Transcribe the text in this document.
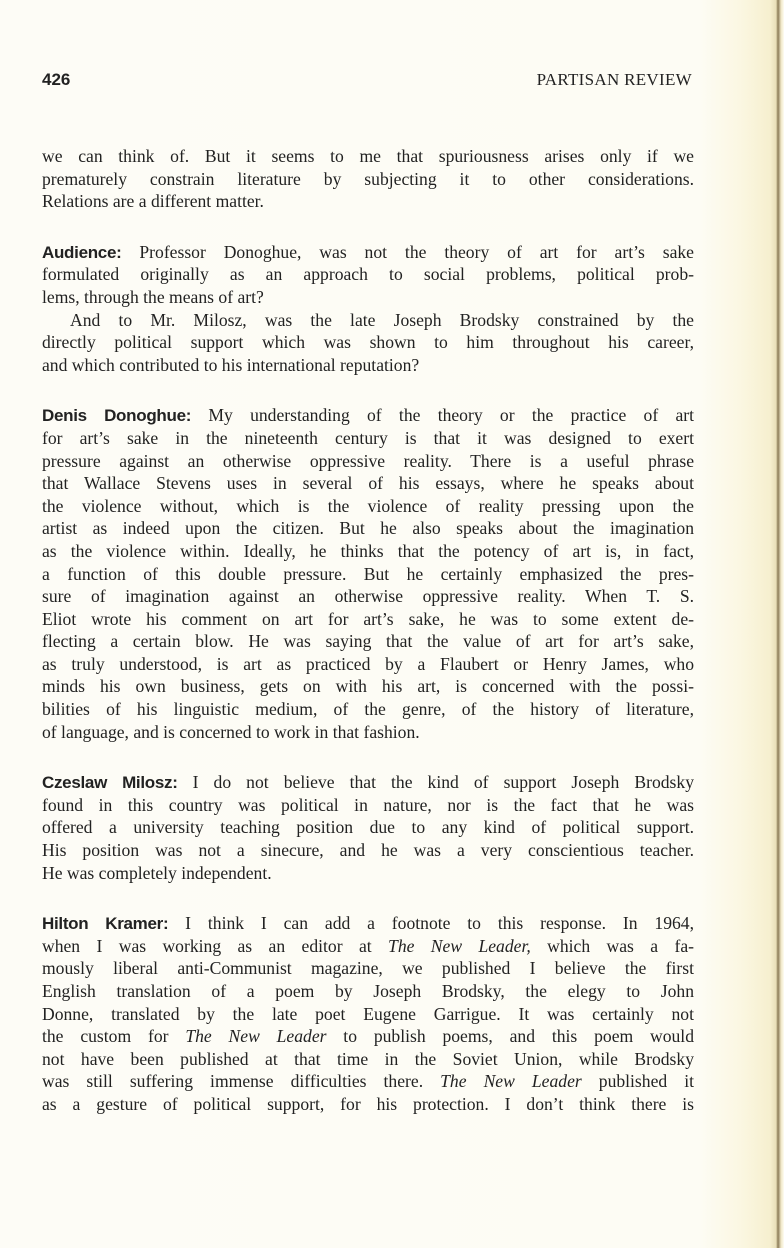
426	PARTISAN REVIEW
we can think of. But it seems to me that spuriousness arises only if we
prematurely constrain literature by subjecting it to other considerations.
Relations are a different matter.
Audience: Professor Donoghue, was not the theory of art for art’s sake
formulated originally as an approach to social problems, political prob-
lems, through the means of art?
And to Mr. Milosz, was the late Joseph Brodsky constrained by the
directly political support which was shown to him throughout his career,
and which contributed to his international reputation?
Denis Donoghue: My understanding of the theory or the practice of art
for art’s sake in the nineteenth century is that it was designed to exert
pressure against an otherwise oppressive reality. There is a useful phrase
that Wallace Stevens uses in several of his essays, where he speaks about
the violence without, which is the violence of reality pressing upon the
artist as indeed upon the citizen. But he also speaks about the imagination
as the violence within. Ideally, he thinks that the potency of art is, in fact,
a function of this double pressure. But he certainly emphasized the pres-
sure of imagination against an otherwise oppressive reality. When T. S.
Eliot wrote his comment on art for art’s sake, he was to some extent de-
flecting a certain blow. He was saying that the value of art for art’s sake,
as truly understood, is art as practiced by a Flaubert or Henry James, who
minds his own business, gets on with his art, is concerned with the possi-
bilities of his linguistic medium, of the genre, of the history of literature,
of language, and is concerned to work in that fashion.
Czeslaw Milosz: I do not believe that the kind of support Joseph Brodsky
found in this country was political in nature, nor is the fact that he was
offered a university teaching position due to any kind of political support.
His position was not a sinecure, and he was a very conscientious teacher.
He was completely independent.
Hilton Kramer: I think I can add a footnote to this response. In 1964,
when I was working as an editor at The New Leader, which was a fa-
mously liberal anti-Communist magazine, we published I believe the first
English translation of a poem by Joseph Brodsky, the elegy to John
Donne, translated by the late poet Eugene Garrigue. It was certainly not
the custom for The New Leader to publish poems, and this poem would
not have been published at that time in the Soviet Union, while Brodsky
was still suffering immense difficulties there. The New Leader published it
as a gesture of political support, for his protection. I don’t think there is
